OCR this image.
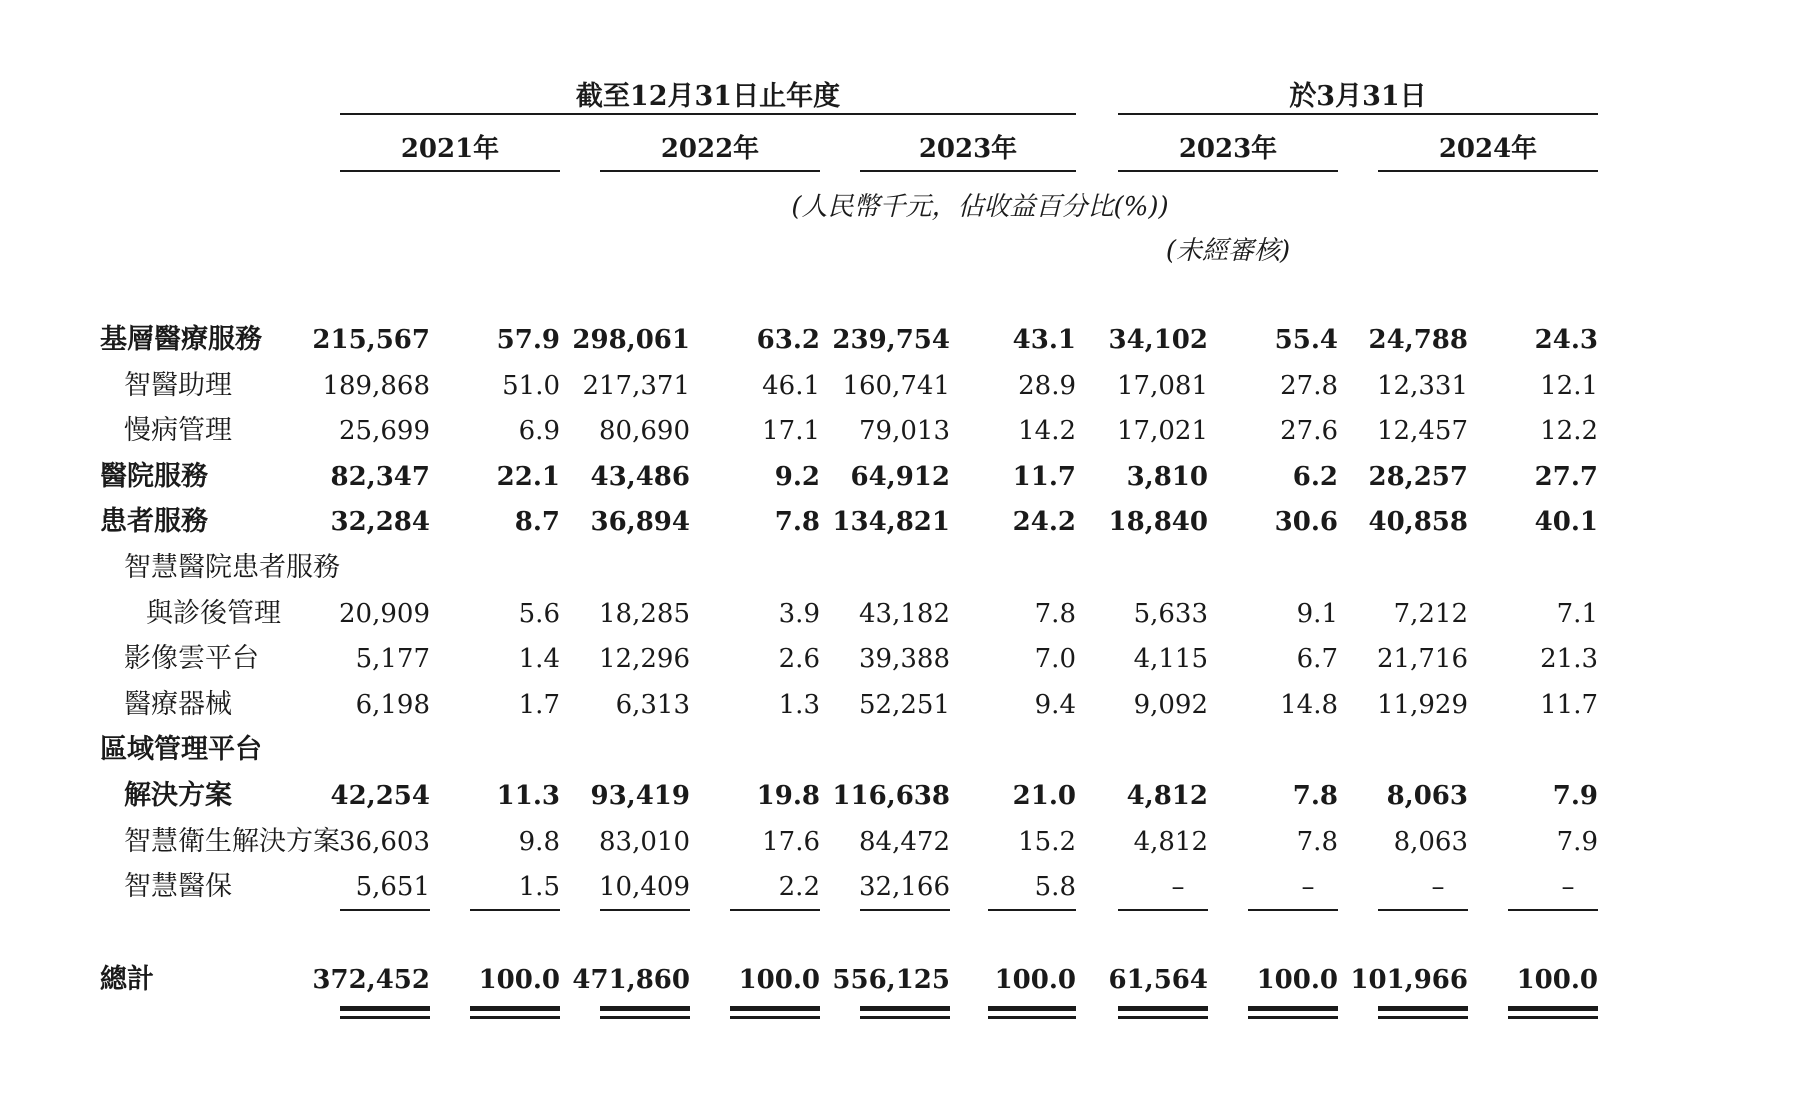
截至12月31日止年度	於3月31日
2021年	2022年	2023年	2023年	2024年
(人民幣千元，佔收益百分比(%))
(未經審核)
基層醫療服務	215,567	57.9 298,061	63.2 239,754	43.1	34,102	55.4	24,788	24.3
智醫助理	189,868	51.0 217,371	46.1 160,741	28.9	17,081	27.8	12,331	12.1
慢病管理	25,699	6.9	80,690	17.1	79,013	14.2	17,021	27.6	12,457	12.2
醫院服務	82,347	22.1	43,486	9.2	64,912	11.7	3,810	6.2	28,257	27.7
患者服務	32,284	8.7	36,894	7.8 134,821	24.2	18,840	30.6	40,858	40.1
智慧醫院患者服務
與診後管理	20,909	5.6	18,285	3.9	43,182	7.8	5,633	9.1	7,212	7.1
影像雲平台	5,177	1.4	12,296	2.6	39,388	7.0	4,115	6.7	21,716	21.3
醫療器械	6,198	1.7	6,313	1.3	52,251	9.4	9,092	14.8	11,929	11.7
區域管理平台
解決方案	42,254	11.3	93,419	19.8 116,638	21.0	4,812	7.8	8,063	7.9
智慧衛生解決方案 36,603	9.8	83,010	17.6	84,472	15.2	4,812	7.8	8,063	7.9
智慧醫保	5,651	1.5	10,409	2.2	32,166	5.8	–	–	–	–
總計	372,452	100.0 471,860	100.0 556,125	100.0	61,564	100.0 101,966	100.0
